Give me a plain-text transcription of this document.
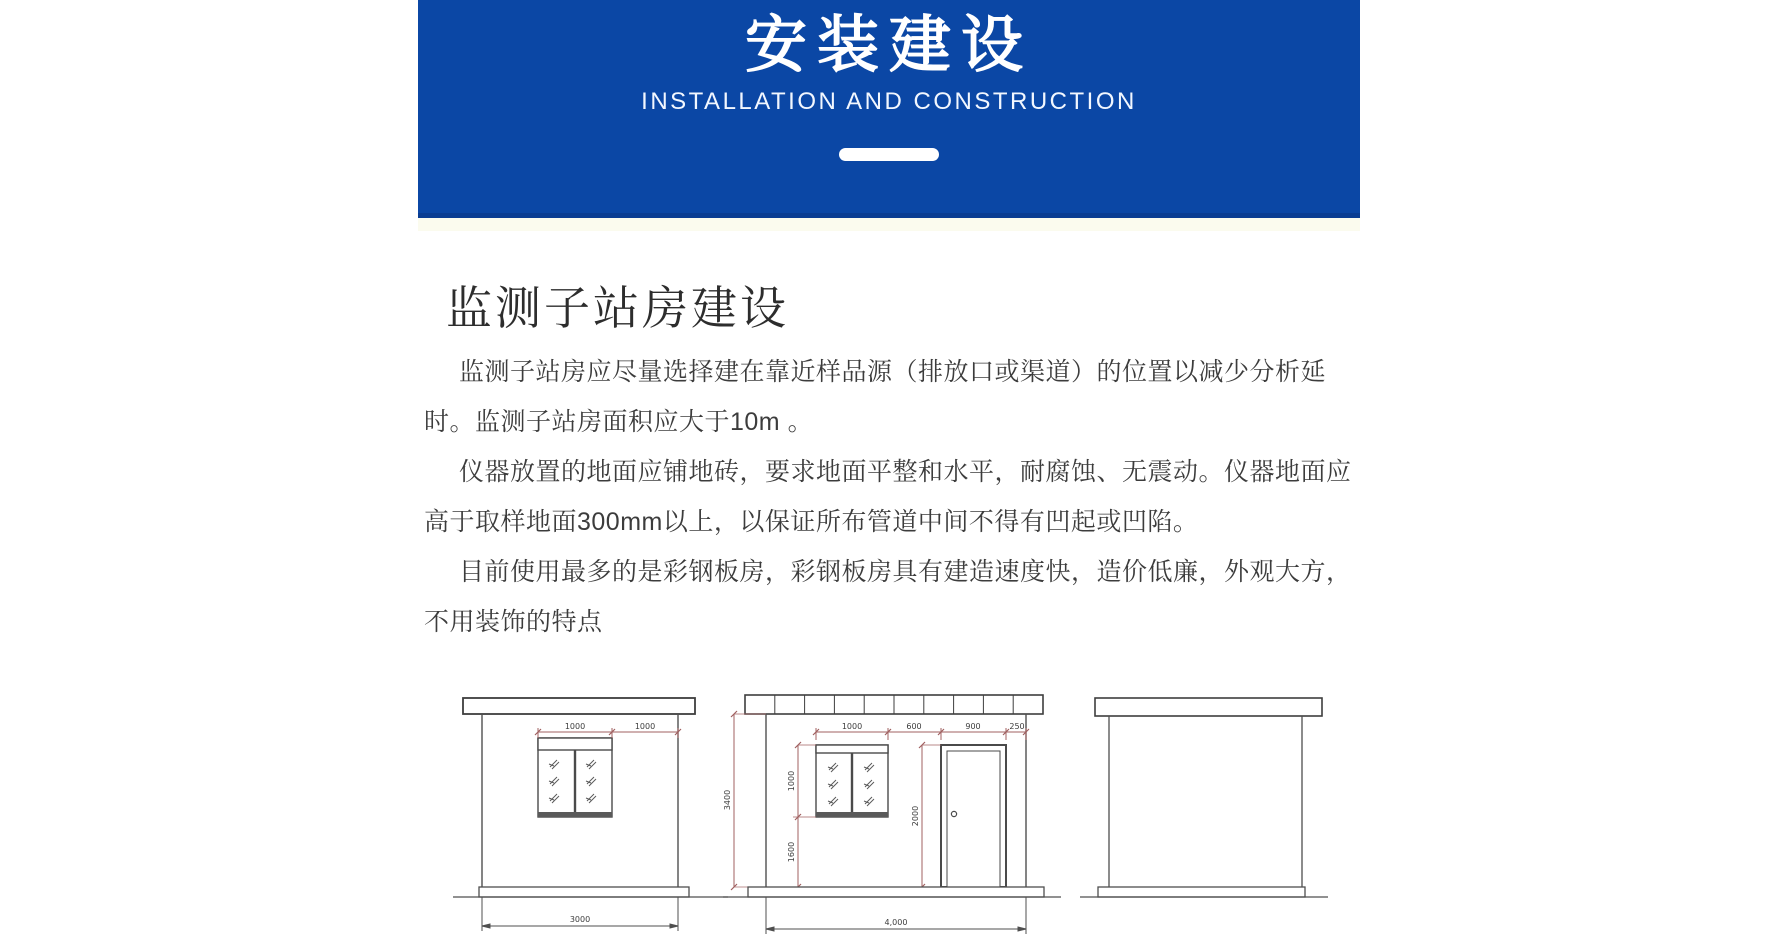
安装建设
INSTALLATION AND CONSTRUCTION
监测子站房建设
监测子站房应尽量选择建在靠近样品源（排放口或渠道）的位置以减少分析延
时。监测子站房面积应大于10m 。
仪器放置的地面应铺地砖，要求地面平整和水平，耐腐蚀、无震动。仪器地面应
高于取样地面300mm以上，以保证所布管道中间不得有凹起或凹陷。
目前使用最多的是彩钢板房，彩钢板房具有建造速度快，造价低廉，外观大方，
不用装饰的特点
1000	1000
3000
3400
1000	600	900	250
1000
1600
2000
4,000
